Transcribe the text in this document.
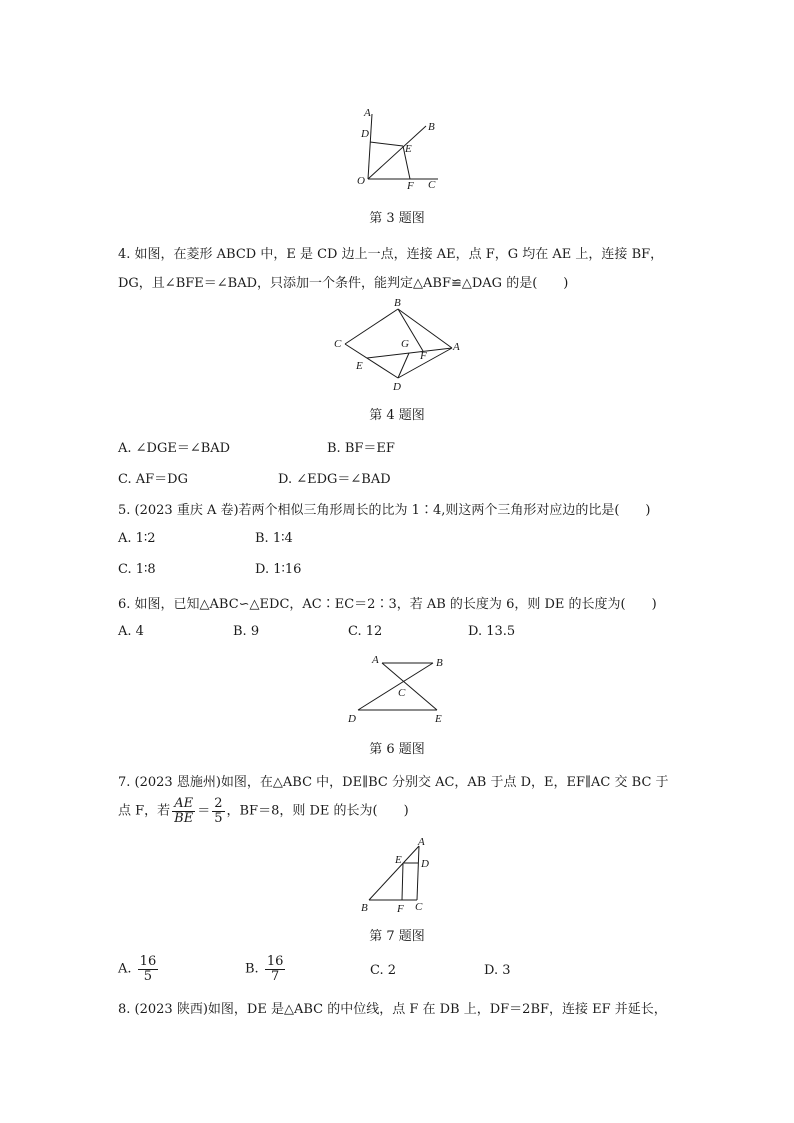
A
B
C
D
E
F
O
第 3 题图
4. 如图，在菱形 ABCD 中，E 是 CD 边上一点，连接 AE，点 F，G 均在 AE 上，连接 BF，
DG，且∠BFE＝∠BAD，只添加一个条件，能判定△ABF≌△DAG 的是(　　)
B
A
C
D
E
F
G
第 4 题图
A. ∠DGE＝∠BAD	B. BF＝EF
C. AF＝DG	D. ∠EDG＝∠BAD
5. (2023 重庆 A 卷)若两个相似三角形周长的比为 1∶4,则这两个三角形对应边的比是(　　)
A. 1∶2	B. 1∶4
C. 1∶8	D. 1∶16
6. 如图，已知△ABC∽△EDC，AC∶EC＝2∶3，若 AB 的长度为 6，则 DE 的长度为(　　)
A. 4	B. 9	C. 12	D. 13.5
A	B
C
D	E
第 6 题图
7. (2023 恩施州)如图，在△ABC 中，DE∥BC 分别交 AC，AB 于点 D，E，EF∥AC 交 BC 于
点 F，若 $\frac{AE}{BE} = \frac{2}{5}$ ，BF＝8，则 DE 的长为(　　)
A
B	C
D
E
F
第 7 题图
A. $\frac{16}{5}$	B. $\frac{16}{7}$	C. 2	D. 3
8. (2023 陕西)如图，DE 是△ABC 的中位线，点 F 在 DB 上，DF＝2BF，连接 EF 并延长，
